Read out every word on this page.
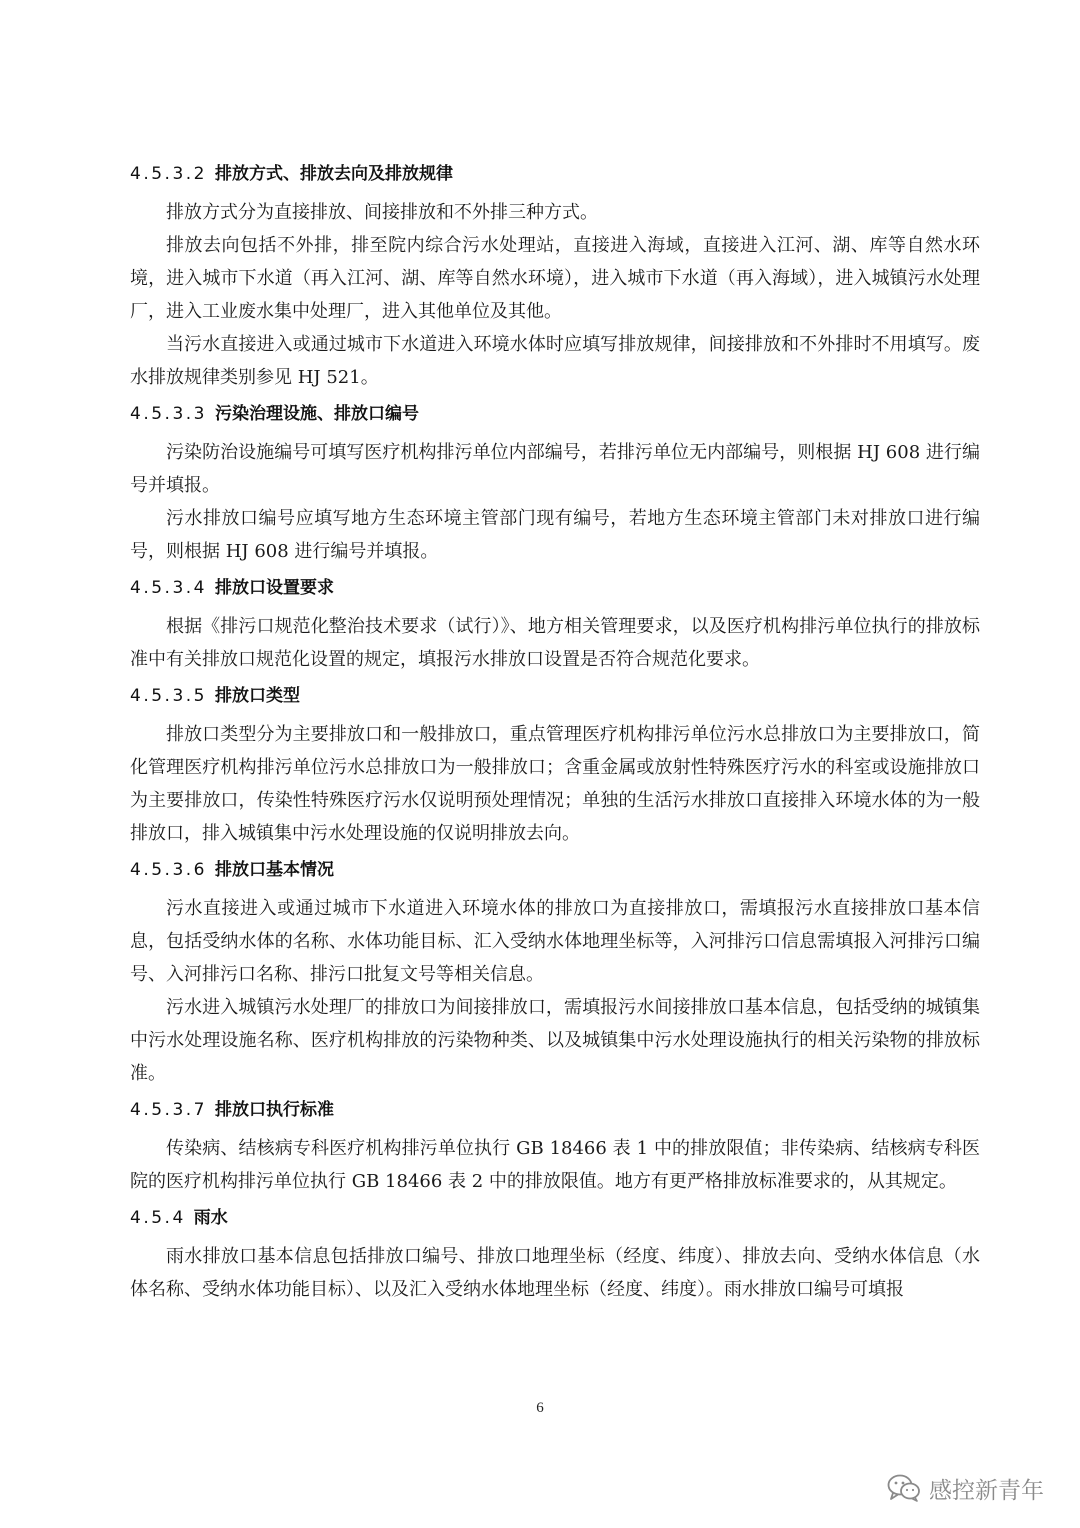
4.5.3.2 排放方式、排放去向及排放规律

排放方式分为直接排放、间接排放和不外排三种方式。

排放去向包括不外排，排至院内综合污水处理站，直接进入海域，直接进入江河、湖、库等自然水环境，进入城市下水道（再入江河、湖、库等自然水环境），进入城市下水道（再入海域），进入城镇污水处理厂，进入工业废水集中处理厂，进入其他单位及其他。

当污水直接进入或通过城市下水道进入环境水体时应填写排放规律，间接排放和不外排时不用填写。废水排放规律类别参见 HJ 521。

4.5.3.3 污染治理设施、排放口编号

污染防治设施编号可填写医疗机构排污单位内部编号，若排污单位无内部编号，则根据 HJ 608 进行编号并填报。

污水排放口编号应填写地方生态环境主管部门现有编号，若地方生态环境主管部门未对排放口进行编号，则根据 HJ 608 进行编号并填报。

4.5.3.4 排放口设置要求

根据《排污口规范化整治技术要求（试行）》、地方相关管理要求，以及医疗机构排污单位执行的排放标准中有关排放口规范化设置的规定，填报污水排放口设置是否符合规范化要求。

4.5.3.5 排放口类型

排放口类型分为主要排放口和一般排放口，重点管理医疗机构排污单位污水总排放口为主要排放口，简化管理医疗机构排污单位污水总排放口为一般排放口；含重金属或放射性特殊医疗污水的科室或设施排放口为主要排放口，传染性特殊医疗污水仅说明预处理情况；单独的生活污水排放口直接排入环境水体的为一般排放口，排入城镇集中污水处理设施的仅说明排放去向。

4.5.3.6 排放口基本情况

污水直接进入或通过城市下水道进入环境水体的排放口为直接排放口，需填报污水直接排放口基本信息，包括受纳水体的名称、水体功能目标、汇入受纳水体地理坐标等，入河排污口信息需填报入河排污口编号、入河排污口名称、排污口批复文号等相关信息。

污水进入城镇污水处理厂的排放口为间接排放口，需填报污水间接排放口基本信息，包括受纳的城镇集中污水处理设施名称、医疗机构排放的污染物种类、以及城镇集中污水处理设施执行的相关污染物的排放标准。

4.5.3.7 排放口执行标准

传染病、结核病专科医疗机构排污单位执行 GB 18466 表 1 中的排放限值；非传染病、结核病专科医院的医疗机构排污单位执行 GB 18466 表 2 中的排放限值。地方有更严格排放标准要求的，从其规定。

4.5.4 雨水

雨水排放口基本信息包括排放口编号、排放口地理坐标（经度、纬度）、排放去向、受纳水体信息（水体名称、受纳水体功能目标）、以及汇入受纳水体地理坐标（经度、纬度）。雨水排放口编号可填报

6
感控新青年
